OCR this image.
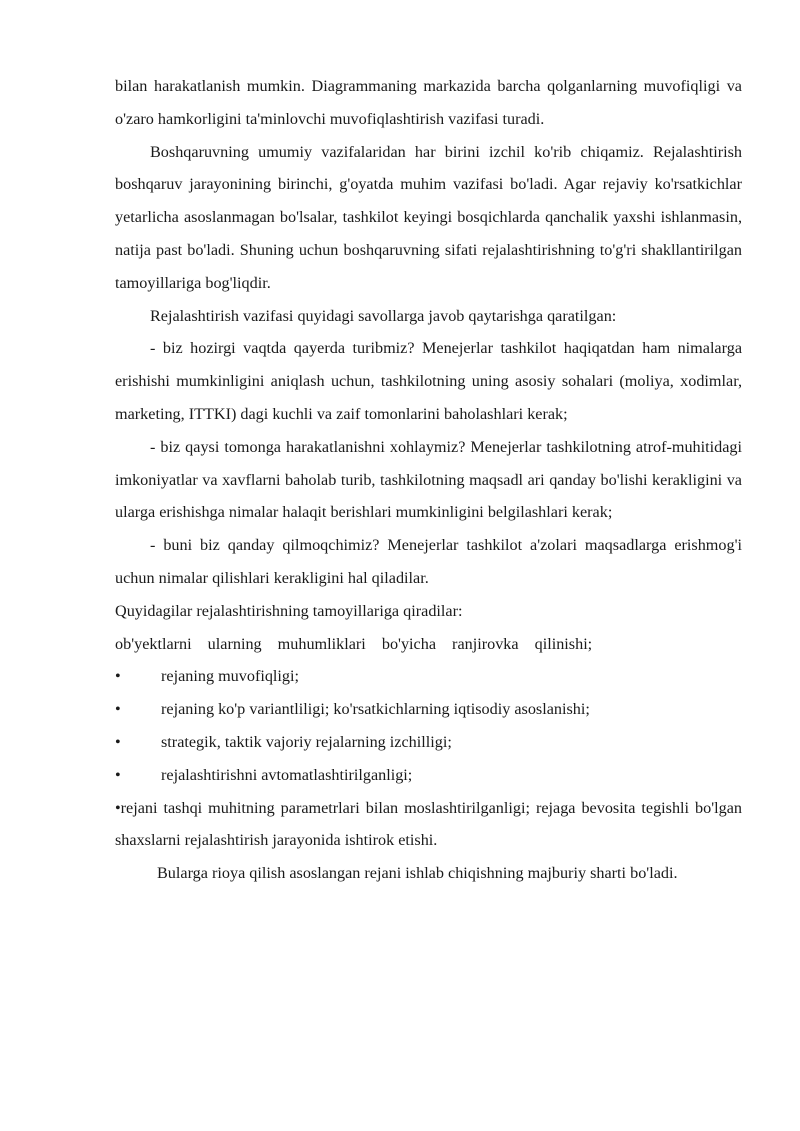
bilan harakatlanish mumkin. Diagrammaning markazida barcha qolganlarning muvofiqligi va o'zaro hamkorligini ta'minlovchi muvofiqlashtirish vazifasi turadi.

Boshqaruvning umumiy vazifalaridan har birini izchil ko'rib chiqamiz. Rejalashtirish boshqaruv jarayonining birinchi, g'oyatda muhim vazifasi bo'ladi. Agar rejaviy ko'rsatkichlar yetarlicha asoslanmagan bo'lsalar, tashkilot keyingi bosqichlarda qanchalik yaxshi ishlanmasin, natija past bo'ladi. Shuning uchun boshqaruvning sifati rejalashtirishning to'g'ri shakllantirilgan tamoyillariga bog'liqdir.

Rejalashtirish vazifasi quyidagi savollarga javob qaytarishga qaratilgan:

- biz hozirgi vaqtda qayerda turibmiz? Menejerlar tashkilot haqiqatdan ham nimalarga erishishi mumkinligini aniqlash uchun, tashkilotning uning asosiy sohalari (moliya, xodimlar, marketing, ITTKI) dagi kuchli va zaif tomonlarini baholashlari kerak;

- biz qaysi tomonga harakatlanishni xohlaymiz? Menejerlar tashkilotning atrof-muhitidagi imkoniyatlar va xavflarni baholab turib, tashkilotning maqsadl ari qanday bo'lishi kerakligini va ularga erishishga nimalar halaqit berishlari mumkinligini belgilashlari kerak;

- buni biz qanday qilmoqchimiz? Menejerlar tashkilot a'zolari maqsadlarga erishmog'i uchun nimalar qilishlari kerakligini hal qiladilar.

Quyidagilar rejalashtirishning tamoyillariga qiradilar:

ob'yektlarni ularning muhumliklari bo'yicha ranjirovka qilinishi;

•	rejaning muvofiqligi;
•	rejaning ko'p variantliligi; ko'rsatkichlarning iqtisodiy asoslanishi;
•	strategik, taktik vajoriy rejalarning izchilligi;
•	rejalashtirishni avtomatlashtirilganligi;

•rejani tashqi muhitning parametrlari bilan moslashtirilganligi; rejaga bevosita tegishli bo'lgan shaxslarni rejalashtirish jarayonida ishtirok etishi.

Bularga rioya qilish asoslangan rejani ishlab chiqishning majburiy sharti bo'ladi.
